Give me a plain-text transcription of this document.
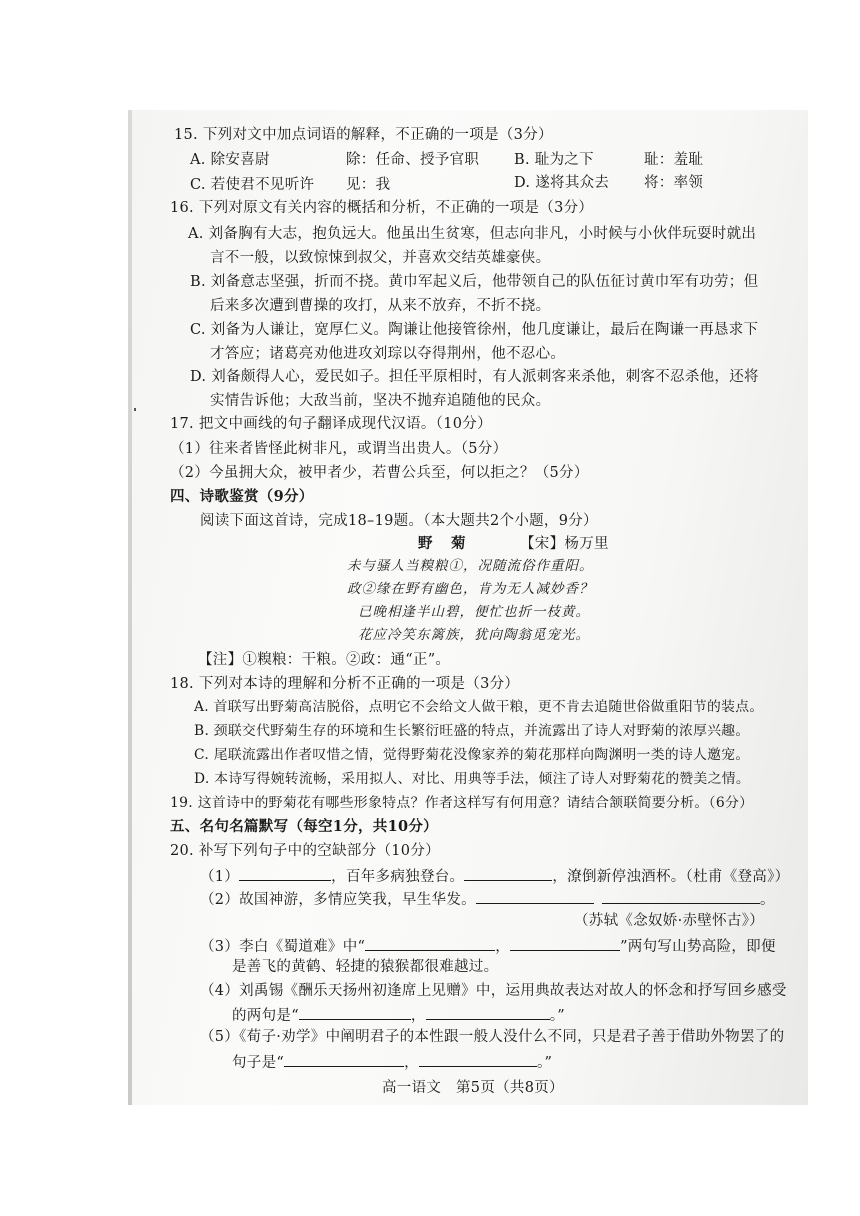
15. 下列对文中加点词语的解释，不正确的一项是（3分）
A. 除安喜尉	除：任命、授予官职 B. 耻为之下	耻：羞耻
C. 若使君不见听许 见：我	D. 遂将其众去 将：率领
16. 下列对原文有关内容的概括和分析，不正确的一项是（3分）
A. 刘备胸有大志，抱负远大。他虽出生贫寒，但志向非凡，小时候与小伙伴玩耍时就出
言不一般，以致惊悚到叔父，并喜欢交结英雄豪侠。
B. 刘备意志坚强，折而不挠。黄巾军起义后，他带领自己的队伍征讨黄巾军有功劳；但
后来多次遭到曹操的攻打，从来不放弃，不折不挠。
C. 刘备为人谦让，宽厚仁义。陶谦让他接管徐州，他几度谦让，最后在陶谦一再恳求下
才答应；诸葛亮劝他进攻刘琮以夺得荆州，他不忍心。
D. 刘备颇得人心，爱民如子。担任平原相时，有人派刺客来杀他，刺客不忍杀他，还将
实情告诉他；大敌当前，坚决不抛弃追随他的民众。
17. 把文中画线的句子翻译成现代汉语。（10分）
（1）往来者皆怪此树非凡，或谓当出贵人。（5分）
（2）今虽拥大众，被甲者少，若曹公兵至，何以拒之？（5分）
四、诗歌鉴赏（9分）
阅读下面这首诗，完成18–19题。（本大题共2个小题，9分）
野　菊	【宋】杨万里
未与骚人当糗粮①，况随流俗作重阳。
政②缘在野有幽色，肯为无人减妙香？
已晚相逢半山碧，便忙也折一枝黄。
花应冷笑东篱族，犹向陶翁觅宠光。
【注】①糗粮：干粮。②政：通“正”。
18. 下列对本诗的理解和分析不正确的一项是（3分）
A. 首联写出野菊高洁脱俗，点明它不会给文人做干粮，更不肯去追随世俗做重阳节的装点。
B. 颈联交代野菊生存的环境和生长繁衍旺盛的特点，并流露出了诗人对野菊的浓厚兴趣。
C. 尾联流露出作者叹惜之情，觉得野菊花没像家养的菊花那样向陶渊明一类的诗人邀宠。
D. 本诗写得婉转流畅，采用拟人、对比、用典等手法，倾注了诗人对野菊花的赞美之情。
19. 这首诗中的野菊花有哪些形象特点？作者这样写有何用意？请结合颔联简要分析。（6分）
五、名句名篇默写（每空1分，共10分）
20. 补写下列句子中的空缺部分（10分）
（1）	，百年多病独登台。	，潦倒新停浊酒杯。（杜甫《登高》）
（2）故国神游，多情应笑我，早生华发。	。
（苏轼《念奴娇·赤壁怀古》）
（3）李白《蜀道难》中“	，	”两句写山势高险，即便
是善飞的黄鹤、轻捷的猿猴都很难越过。
（4）刘禹锡《酬乐天扬州初逢席上见赠》中，运用典故表达对故人的怀念和抒写回乡感受
的两句是“	，	。”
（5）《荀子·劝学》中阐明君子的本性跟一般人没什么不同，只是君子善于借助外物罢了的
句子是“	，	。”
高一语文　第5页（共8页）
